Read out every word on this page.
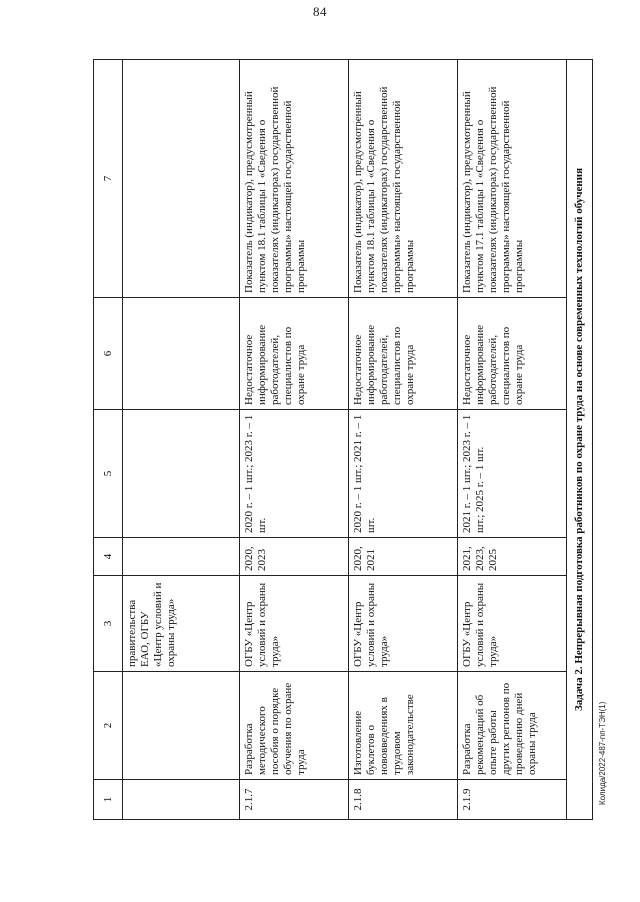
84
1	2	3	4	5	6	7
		правительства ЕАО, ОГБУ «Центр условий и охраны труда»				
2.1.7	Разработка методического пособия о порядке обучения по охране труда	ОГБУ «Центр условий и охраны труда»	2020, 2023	2020 г. – 1 шт.; 2023 г. – 1 шт.	Недостаточное информирование работодателей, специалистов по охране труда	Показатель (индикатор), предусмотренный пунктом 18.1 таблицы 1 «Сведения о показателях (индикаторах) государственной программы» настоящей государственной программы
2.1.8	Изготовление буклетов о нововведениях в трудовом законодательстве	ОГБУ «Центр условий и охраны труда»	2020, 2021	2020 г. – 1 шт.; 2021 г. – 1 шт.	Недостаточное информирование работодателей, специалистов по охране труда	Показатель (индикатор), предусмотренный пунктом 18.1 таблицы 1 «Сведения о показателях (индикаторах) государственной программы» настоящей государственной программы
2.1.9	Разработка рекомендаций об опыте работы других регионов по проведению дней охраны труда	ОГБУ «Центр условий и охраны труда»	2021, 2023, 2025	2021 г. – 1 шт.; 2023 г. – 1 шт.; 2025 г. – 1 шт.	Недостаточное информирование работодателей, специалистов по охране труда	Показатель (индикатор), предусмотренный пунктом 17.1 таблицы 1 «Сведения о показателях (индикаторах) государственной программы» настоящей государственной программы
Задача 2. Непрерывная подготовка работников по охране труда на основе современных технологий обучения						
Колида/2022-487-пп-ТЭН(1)
